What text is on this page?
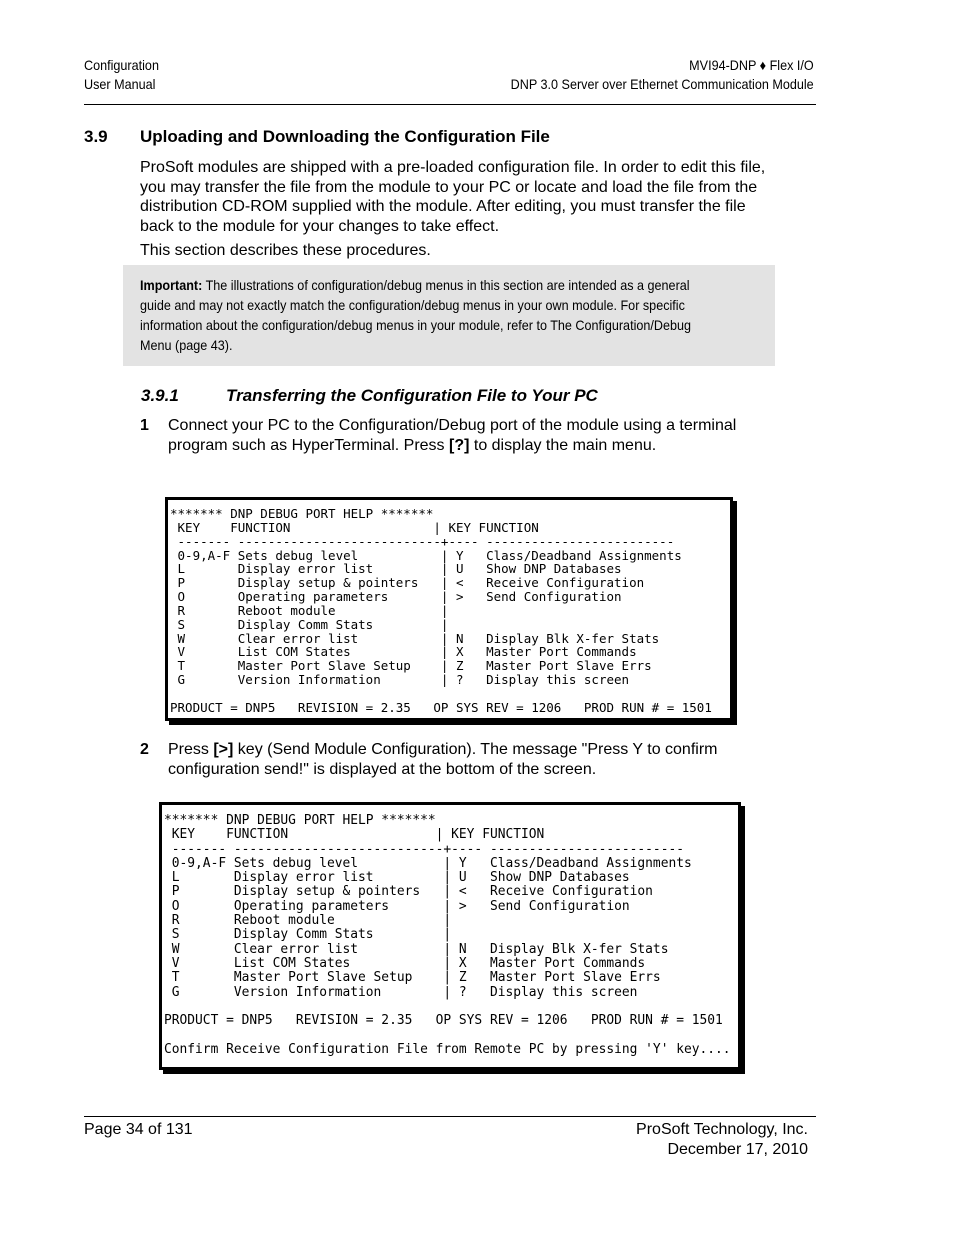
Configuration
User Manual
MVI94-DNP ♦ Flex I/O
DNP 3.0 Server over Ethernet Communication Module
3.9 Uploading and Downloading the Configuration File
ProSoft modules are shipped with a pre-loaded configuration file. In order to edit this file, you may transfer the file from the module to your PC or locate and load the file from the distribution CD-ROM supplied with the module. After editing, you must transfer the file back to the module for your changes to take effect.
This section describes these procedures.
Important: The illustrations of configuration/debug menus in this section are intended as a general guide and may not exactly match the configuration/debug menus in your own module. For specific information about the configuration/debug menus in your module, refer to The Configuration/Debug Menu (page 43).
3.9.1	Transferring the Configuration File to Your PC
1 Connect your PC to the Configuration/Debug port of the module using a terminal program such as HyperTerminal. Press [?] to display the main menu.
******* DNP DEBUG PORT HELP *******
KEY    FUNCTION                   | KEY FUNCTION
------- ---------------------------+---- -------------------------
0-9,A-F Sets debug level           | Y   Class/Deadband Assignments
L       Display error list         | U   Show DNP Databases
P       Display setup & pointers   | <   Receive Configuration
O       Operating parameters       | >   Send Configuration
R       Reboot module              |
S       Display Comm Stats         |
W       Clear error list           | N   Display Blk X-fer Stats
V       List COM States            | X   Master Port Commands
T       Master Port Slave Setup    | Z   Master Port Slave Errs
G       Version Information        | ?   Display this screen

PRODUCT = DNP5   REVISION = 2.35   OP SYS REV = 1206   PROD RUN # = 1501
2 Press [>] key (Send Module Configuration). The message "Press Y to confirm configuration send!" is displayed at the bottom of the screen.
******* DNP DEBUG PORT HELP *******
KEY    FUNCTION                   | KEY FUNCTION
------- ---------------------------+---- -------------------------
0-9,A-F Sets debug level           | Y   Class/Deadband Assignments
L       Display error list         | U   Show DNP Databases
P       Display setup & pointers   | <   Receive Configuration
O       Operating parameters       | >   Send Configuration
R       Reboot module              |
S       Display Comm Stats         |
W       Clear error list           | N   Display Blk X-fer Stats
V       List COM States            | X   Master Port Commands
T       Master Port Slave Setup    | Z   Master Port Slave Errs
G       Version Information        | ?   Display this screen

PRODUCT = DNP5   REVISION = 2.35   OP SYS REV = 1206   PROD RUN # = 1501

Confirm Receive Configuration File from Remote PC by pressing 'Y' key....
Page 34 of 131	ProSoft Technology, Inc.
December 17, 2010
